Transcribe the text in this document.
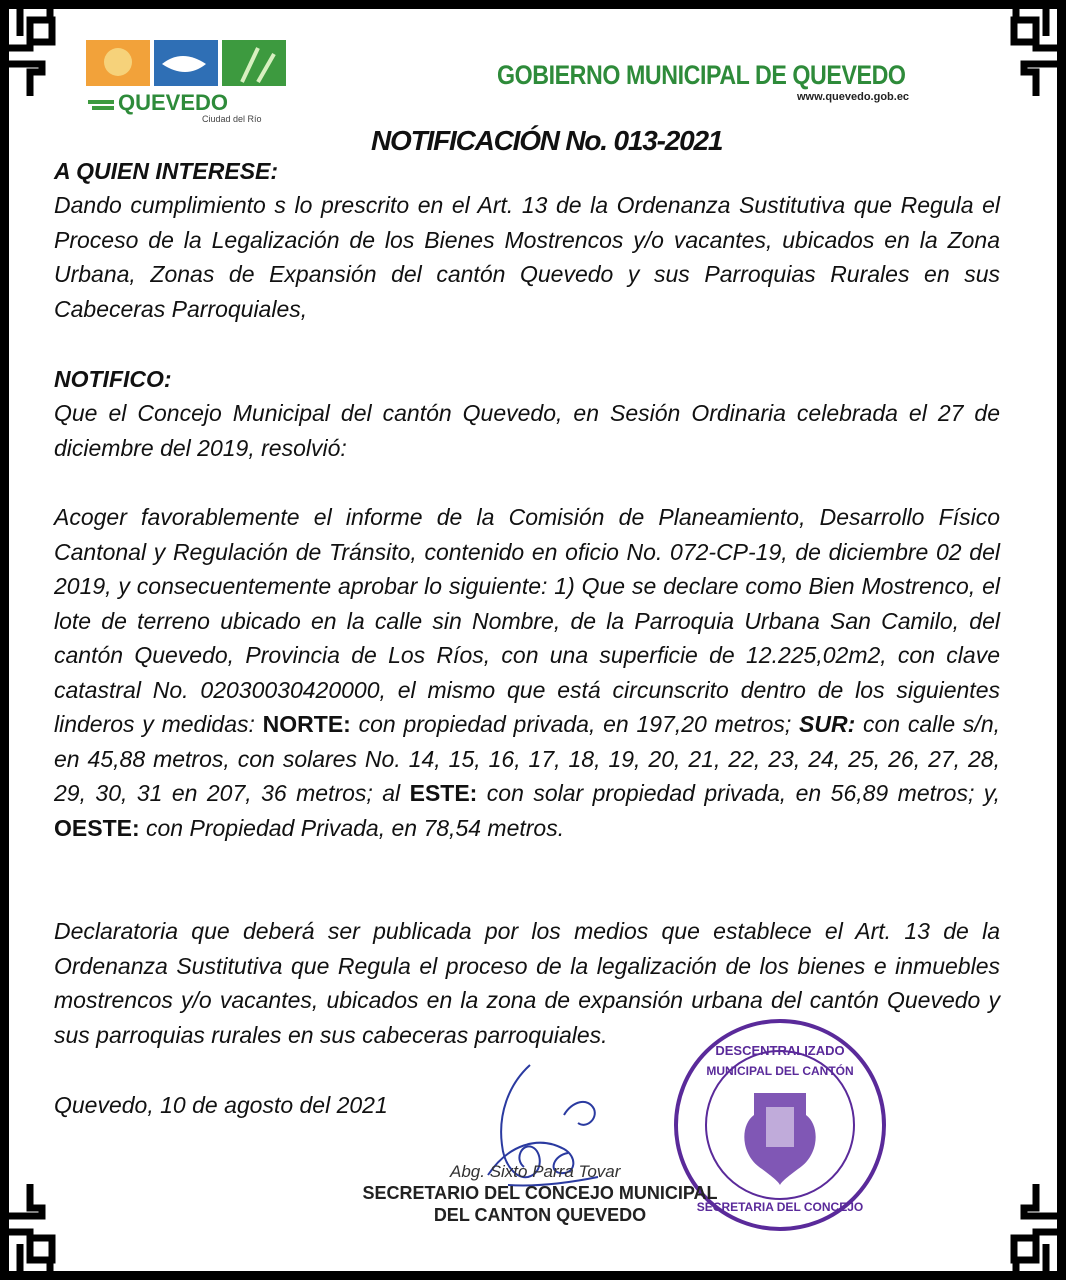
QUEVEDO
Ciudad del Río
GOBIERNO MUNICIPAL DE QUEVEDO
www.quevedo.gob.ec
NOTIFICACIÓN No. 013-2021
A QUIEN INTERESE:
Dando cumplimiento s lo prescrito en el Art. 13 de la Ordenanza Sustitutiva que Regula el Proceso de la Legalización de los Bienes Mostrencos y/o vacantes, ubicados en la Zona Urbana, Zonas de Expansión del cantón Quevedo y sus Parroquias Rurales en sus Cabeceras Parroquiales,
NOTIFICO:
Que el Concejo Municipal del cantón Quevedo, en Sesión Ordinaria celebrada el 27 de diciembre del 2019, resolvió:
Acoger favorablemente el informe de la Comisión de Planeamiento, Desarrollo Físico Cantonal y Regulación de Tránsito, contenido en oficio No. 072-CP-19, de diciembre 02 del 2019, y consecuentemente aprobar lo siguiente: 1) Que se declare como Bien Mostrenco, el lote de terreno ubicado en la calle sin Nombre, de la Parroquia Urbana San Camilo, del cantón Quevedo, Provincia de Los Ríos, con una superficie de 12.225,02m2, con clave catastral No. 02030030420000, el mismo que está circunscrito dentro de los siguientes linderos y medidas: NORTE: con propiedad privada, en 197,20 metros; SUR: con calle s/n, en 45,88 metros, con solares No. 14, 15, 16, 17, 18, 19, 20, 21, 22, 23, 24, 25, 26, 27, 28, 29, 30, 31 en 207, 36 metros; al ESTE: con solar propiedad privada, en 56,89 metros; y, OESTE: con Propiedad Privada, en 78,54 metros.
Declaratoria que deberá ser publicada por los medios que establece el Art. 13 de la Ordenanza Sustitutiva que Regula el proceso de la legalización de los bienes e inmuebles mostrencos y/o vacantes, ubicados en la zona de expansión urbana del cantón Quevedo y sus parroquias rurales en sus cabeceras parroquiales.
Quevedo, 10 de agosto del 2021
DESCENTRALIZADO
MUNICIPAL DEL CANTÓN
SECRETARIA DEL CONCEJO
Abg. Sixto Parra Tovar
SECRETARIO DEL CONCEJO MUNICIPAL
DEL CANTON QUEVEDO
